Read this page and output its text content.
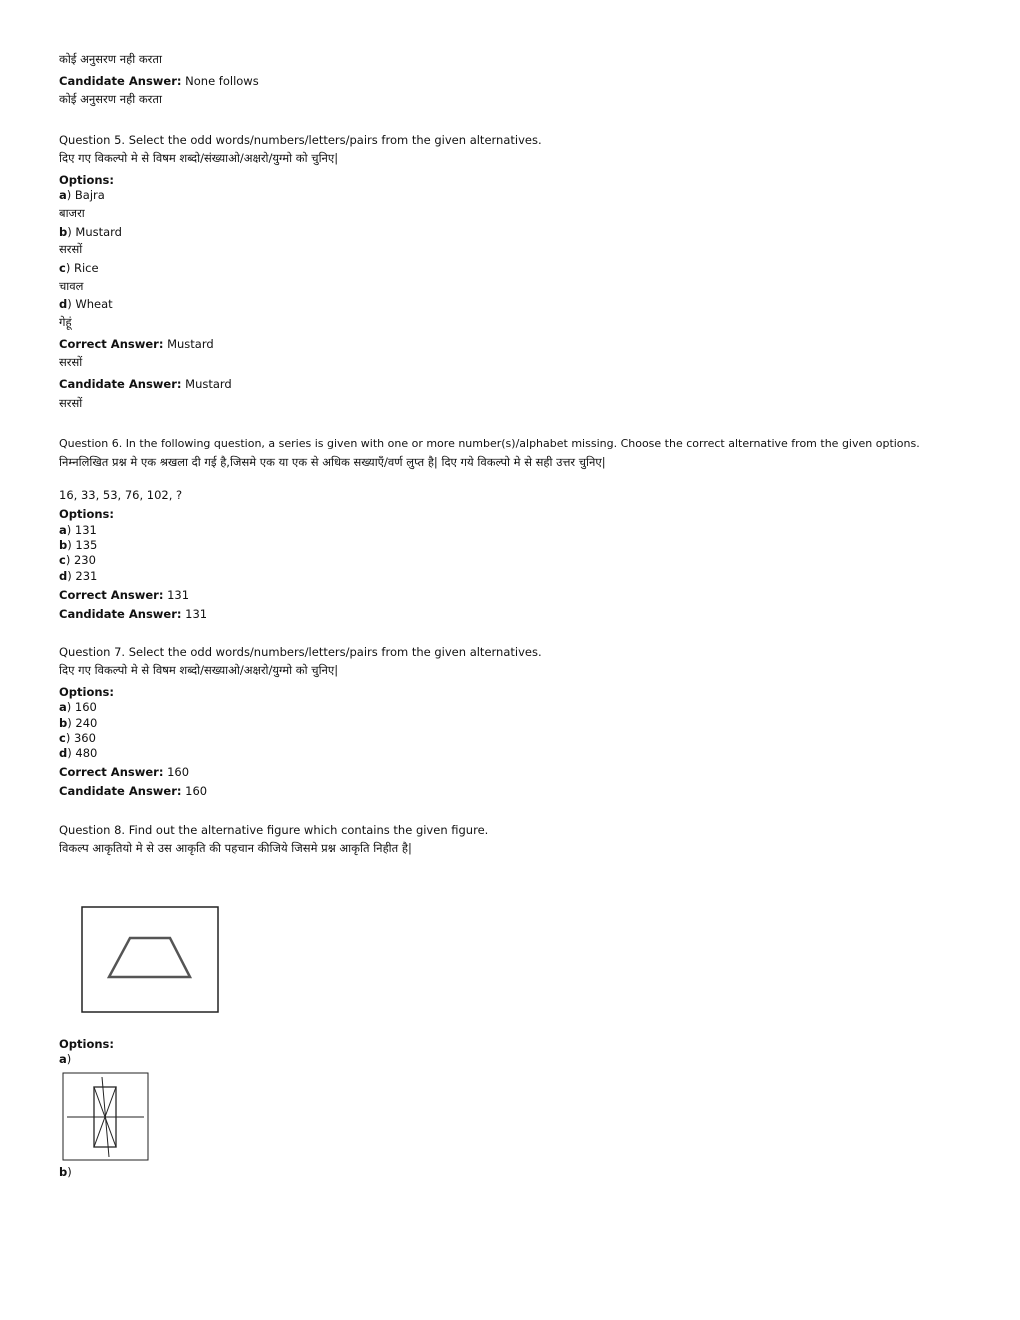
कोई अनुसरण नही करता
Candidate Answer: None follows
कोई अनुसरण नही करता
Question 5. Select the odd words/numbers/letters/pairs from the given alternatives.
दिए गए विकल्पो मे से विषम शब्दो/संख्याओ/अक्षरो/युग्मो को चुनिए|
Options:
a) Bajra
बाजरा
b) Mustard
सरसों
c) Rice
चावल
d) Wheat
गेहूं
Correct Answer: Mustard
सरसों
Candidate Answer: Mustard
सरसों
Question 6. In the following question, a series is given with one or more number(s)/alphabet missing. Choose the correct alternative from the given options.
निम्नलिखित प्रश्न मे एक श्रखला दी गई है,जिसमे एक या एक से अधिक सख्याएँ/वर्ण लुप्त है| दिए गये विकल्पो मे से सही उत्तर चुनिए|
16, 33, 53, 76, 102, ?
Options:
a) 131
b) 135
c) 230
d) 231
Correct Answer: 131
Candidate Answer: 131
Question 7. Select the odd words/numbers/letters/pairs from the given alternatives.
दिए गए विकल्पो मे से विषम शब्दो/सख्याओ/अक्षरो/युग्मो को चुनिए|
Options:
a) 160
b) 240
c) 360
d) 480
Correct Answer: 160
Candidate Answer: 160
Question 8. Find out the alternative figure which contains the given figure.
विकल्प आकृतियो मे से उस आकृति की पहचान कीजिये जिसमे प्रश्न आकृति निहीत है|
Options:
a)
b)
